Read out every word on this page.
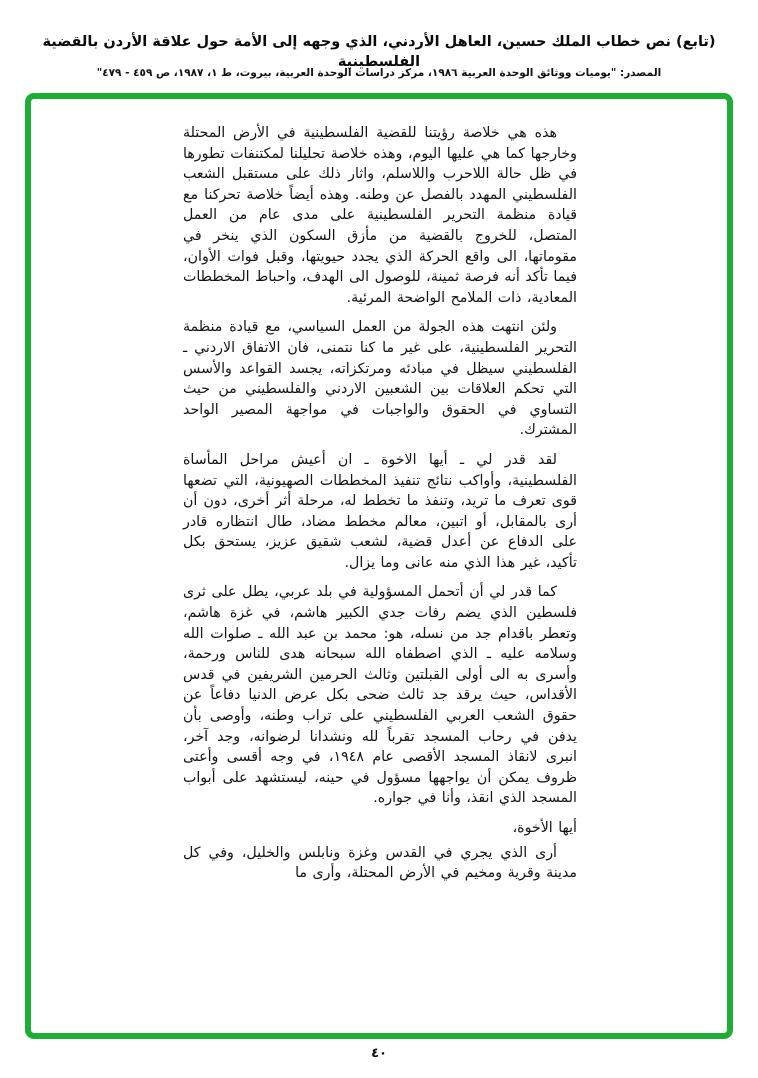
(تابع) نص خطاب الملك حسين، العاهل الأردني، الذي وجهه إلى الأمة حول علاقة الأردن بالقضية الفلسطينية
المصدر: "يوميات ووثائق الوحدة العربية ١٩٨٦، مركز دراسات الوحدة العربية، بيروت، ط ١، ١٩٨٧، ص ٤٥٩ - ٤٧٩"

هذه هي خلاصة رؤيتنا للقضية الفلسطينية في الأرض المحتلة وخارجها كما هي عليها اليوم، وهذه خلاصة تحليلنا لمكتنفات تطورها في ظل حالة اللاحرب واللاسلم، واثار ذلك على مستقبل الشعب الفلسطيني المهدد بالفصل عن وطنه. وهذه أيضاً خلاصة تحركنا مع قيادة منظمة التحرير الفلسطينية على مدى عام من العمل المتصل، للخروج بالقضية من مأزق السكون الذي ينخر في مقوماتها، الى واقع الحركة الذي يجدد حيويتها، وقبل فوات الأوان، فيما تأكد أنه فرصة ثمينة، للوصول الى الهدف، واحباط المخططات المعادية، ذات الملامح الواضحة المرئية.

ولئن انتهت هذه الجولة من العمل السياسي، مع قيادة منظمة التحرير الفلسطينية، على غير ما كنا نتمنى، فان الاتفاق الاردني ـ الفلسطيني سيظل في مبادئه ومرتكزاته، يجسد القواعد والأسس التي تحكم العلاقات بين الشعبين الاردني والفلسطيني من حيث التساوي في الحقوق والواجبات في مواجهة المصير الواحد المشترك.

لقد قدر لي ـ أيها الاخوة ـ ان أعيش مراحل المأساة الفلسطينية، وأواكب نتائج تنفيذ المخططات الصهيونية، التي تضعها قوى تعرف ما تريد، وتنفذ ما تخطط له، مرحلة أثر أخرى، دون أن أرى بالمقابل، أو اتبين، معالم مخطط مضاد، طال انتظاره قادر على الدفاع عن أعدل قضية، لشعب شقيق عزيز، يستحق بكل تأكيد، غير هذا الذي منه عانى وما يزال.

كما قدر لي أن أتحمل المسؤولية في بلد عربي، يطل على ثرى فلسطين الذي يضم رفات جدي الكبير هاشم، في غزة هاشم، وتعطر باقدام جد من نسله، هو: محمد بن عبد الله ـ صلوات الله وسلامه عليه ـ الذي اصطفاه الله سبحانه هدى للناس ورحمة، وأسرى به الى أولى القبلتين وثالث الحرمين الشريفين في قدس الأقداس، حيث يرقد جد ثالث ضحى بكل عرض الدنيا دفاعاً عن حقوق الشعب العربي الفلسطيني على تراب وطنه، وأوصى بأن يدفن في رحاب المسجد تقرباً لله ونشدانا لرضوانه، وجد آخر، انبرى لانقاذ المسجد الأقصى عام ١٩٤٨، في وجه أقسى وأعتى ظروف يمكن أن يواجهها مسؤول في حينه، ليستشهد على أبواب المسجد الذي انقذ، وأنا في جواره.

أيها الأخوة،

أرى الذي يجري في القدس وغزة ونابلس والخليل، وفي كل مدينة وقرية ومخيم في الأرض المحتلة، وأرى ما

٤٠
